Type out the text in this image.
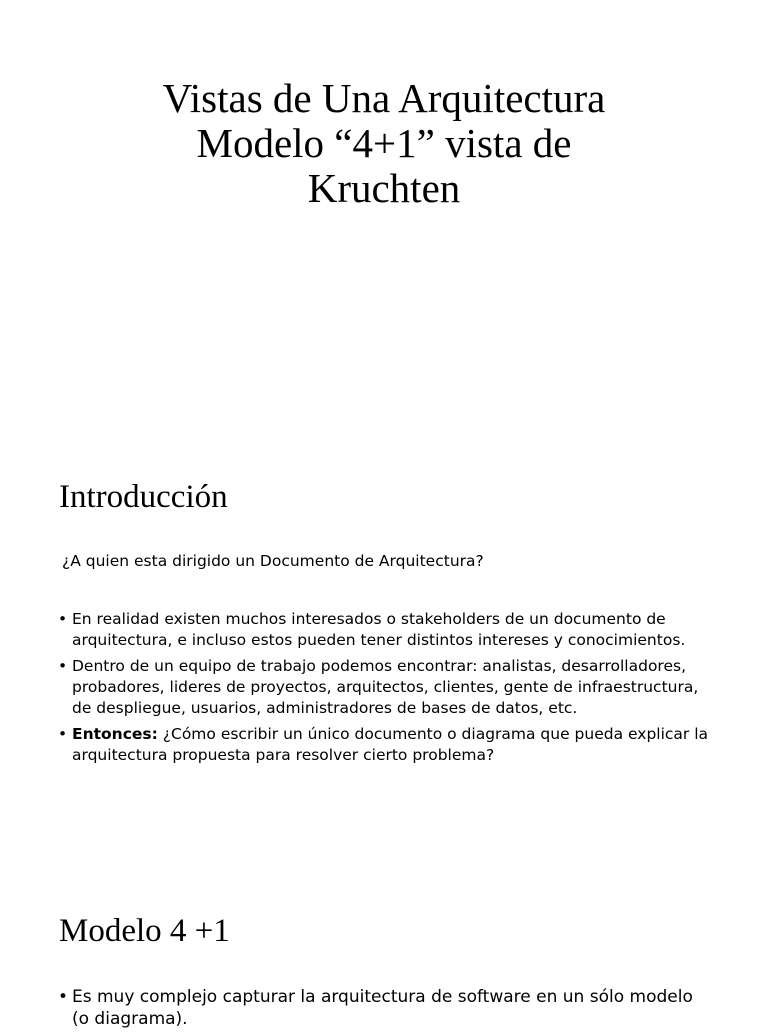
Vistas de Una Arquitectura
Modelo “4+1” vista de
Kruchten
Introducción

¿A quien esta dirigido un Documento de Arquitectura?

• En realidad existen muchos interesados o stakeholders de un documento de arquitectura, e incluso estos pueden tener distintos intereses y conocimientos.
• Dentro de un equipo de trabajo podemos encontrar: analistas, desarrolladores, probadores, lideres de proyectos, arquitectos, clientes, gente de infraestructura, de despliegue, usuarios, administradores de bases de datos, etc.
• Entonces: ¿Cómo escribir un único documento o diagrama que pueda explicar la arquitectura propuesta para resolver cierto problema?
Modelo 4 +1
• Es muy complejo capturar la arquitectura de software en un sólo modelo (o diagrama).
